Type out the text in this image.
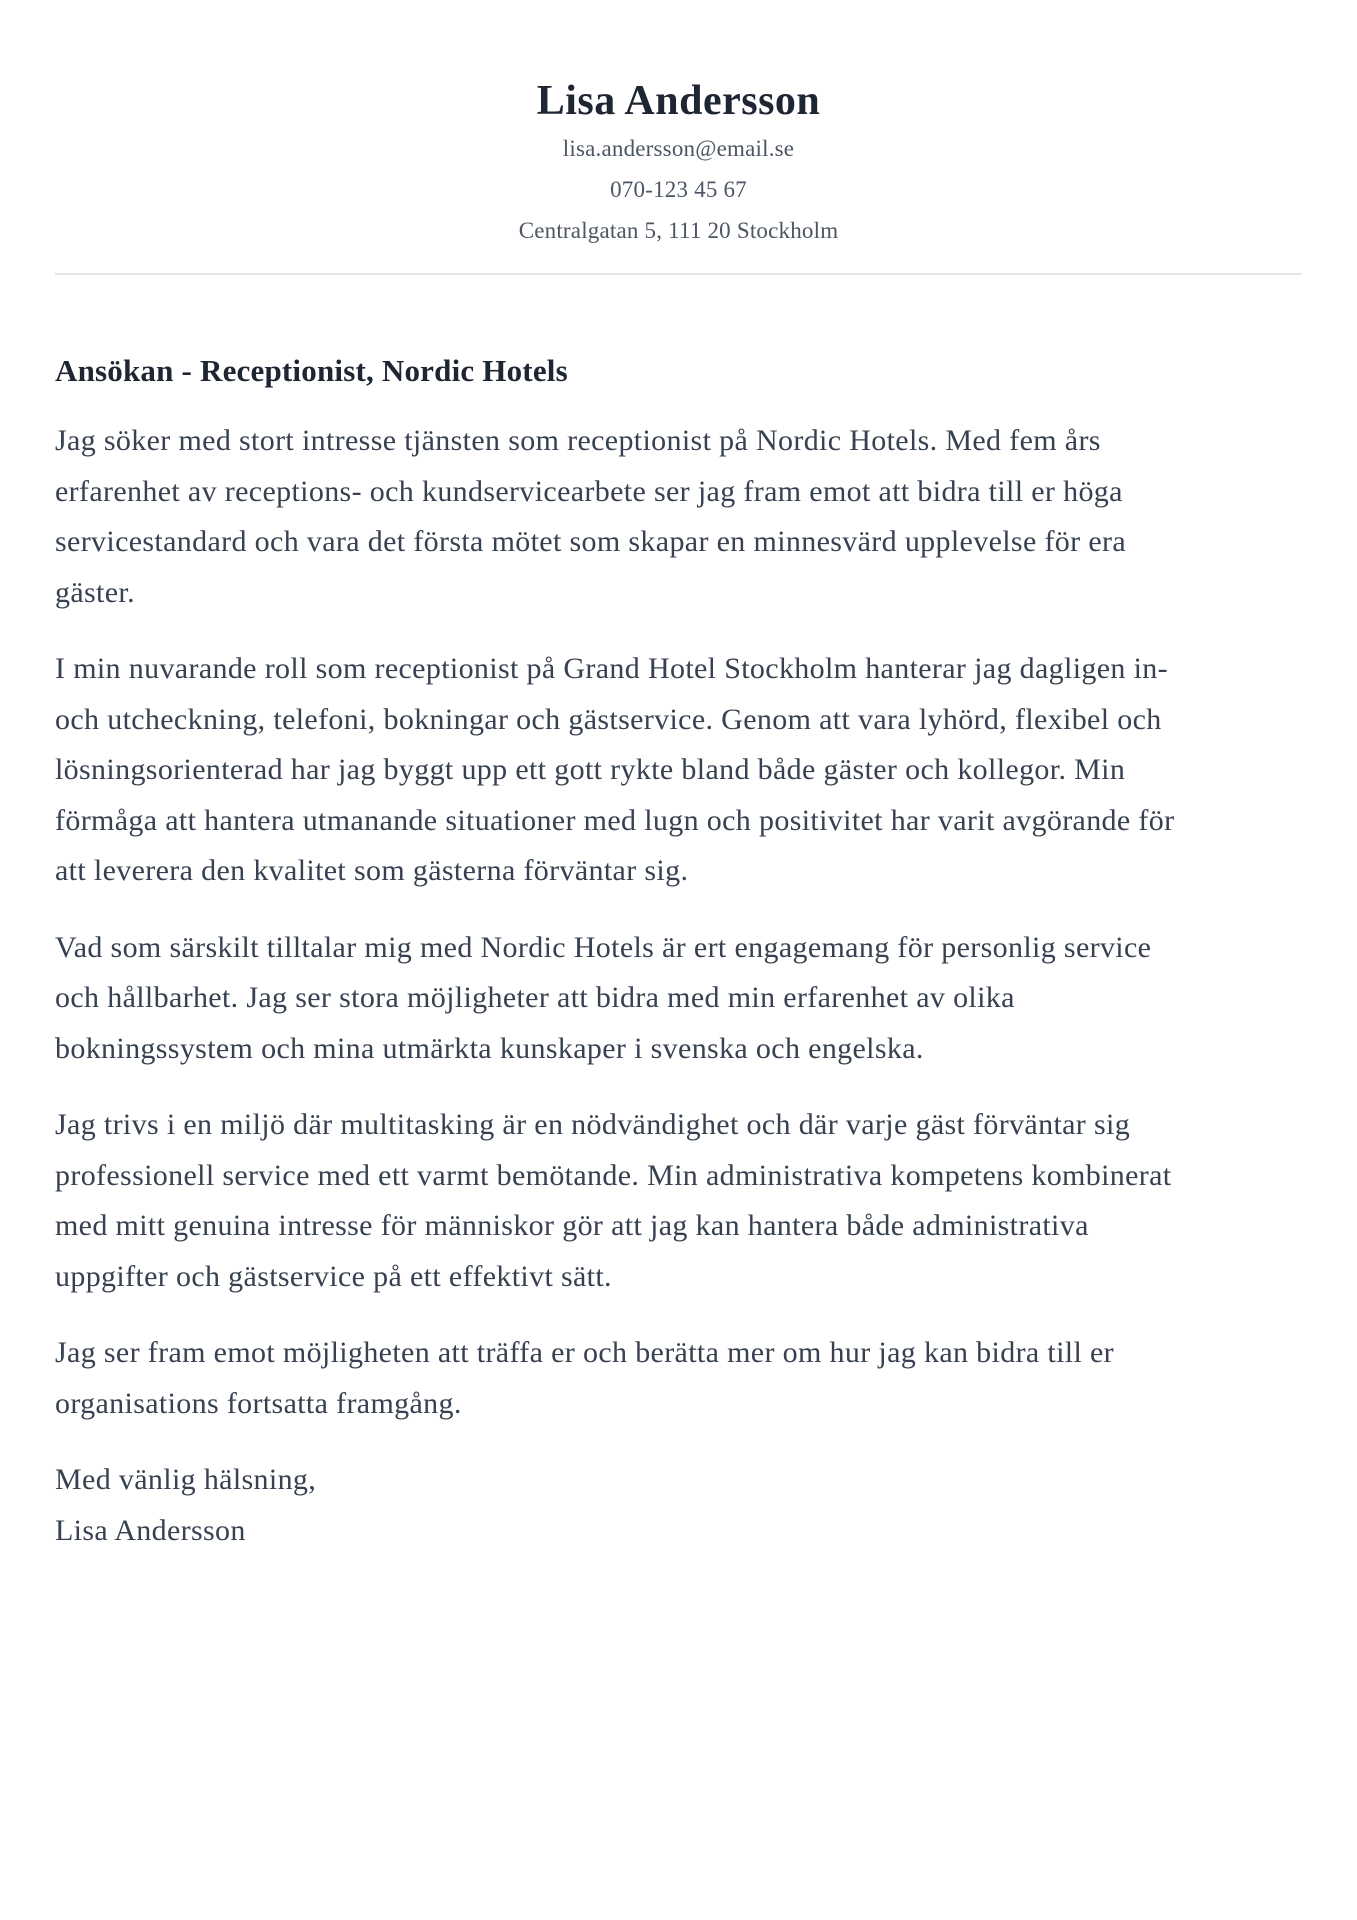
Lisa Andersson
lisa.andersson@email.se
070-123 45 67
Centralgatan 5, 111 20 Stockholm
Ansökan - Receptionist, Nordic Hotels

Jag söker med stort intresse tjänsten som receptionist på Nordic Hotels. Med fem års
erfarenhet av receptions- och kundservicearbete ser jag fram emot att bidra till er höga
servicestandard och vara det första mötet som skapar en minnesvärd upplevelse för era
gäster.

I min nuvarande roll som receptionist på Grand Hotel Stockholm hanterar jag dagligen in-
och utcheckning, telefoni, bokningar och gästservice. Genom att vara lyhörd, flexibel och
lösningsorienterad har jag byggt upp ett gott rykte bland både gäster och kollegor. Min
förmåga att hantera utmanande situationer med lugn och positivitet har varit avgörande för
att leverera den kvalitet som gästerna förväntar sig.

Vad som särskilt tilltalar mig med Nordic Hotels är ert engagemang för personlig service
och hållbarhet. Jag ser stora möjligheter att bidra med min erfarenhet av olika
bokningssystem och mina utmärkta kunskaper i svenska och engelska.

Jag trivs i en miljö där multitasking är en nödvändighet och där varje gäst förväntar sig
professionell service med ett varmt bemötande. Min administrativa kompetens kombinerat
med mitt genuina intresse för människor gör att jag kan hantera både administrativa
uppgifter och gästservice på ett effektivt sätt.

Jag ser fram emot möjligheten att träffa er och berätta mer om hur jag kan bidra till er
organisations fortsatta framgång.

Med vänlig hälsning,
Lisa Andersson
